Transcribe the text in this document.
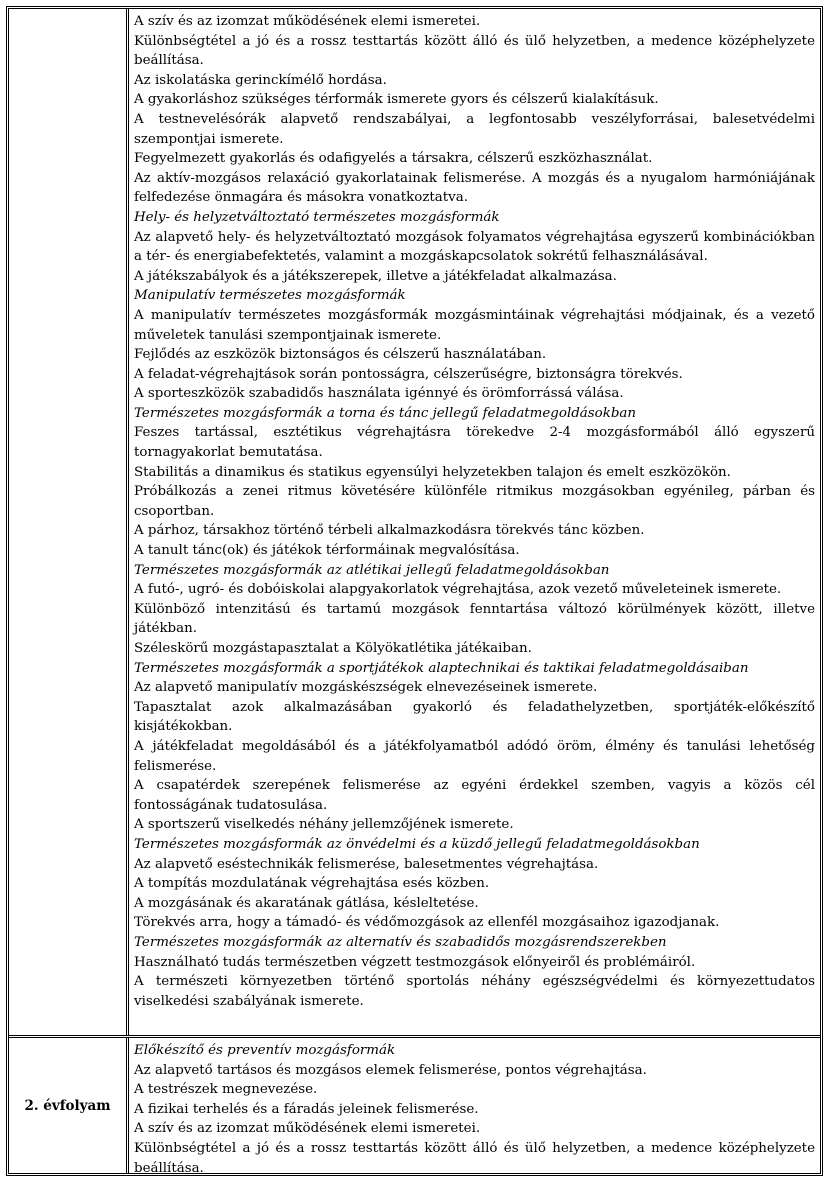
A szív és az izomzat működésének elemi ismeretei.

Különbségtétel a jó és a rossz testtartás között álló és ülő helyzetben, a medence középhelyzete beállítása.

Az iskolatáska gerinckímélő hordása.

A gyakorláshoz szükséges térformák ismerete gyors és célszerű kialakításuk.

A testnevelésórák alapvető rendszabályai, a legfontosabb veszélyforrásai, balesetvédelmi szempontjai ismerete.

Fegyelmezett gyakorlás és odafigyelés a társakra, célszerű eszközhasználat.

Az aktív-mozgásos relaxáció gyakorlatainak felismerése. A mozgás és a nyugalom harmóniájának felfedezése önmagára és másokra vonatkoztatva.

Hely- és helyzetváltoztató természetes mozgásformák

Az alapvető hely- és helyzetváltoztató mozgások folyamatos végrehajtása egyszerű kombinációkban a tér- és energiabefektetés, valamint a mozgáskapcsolatok sokrétű felhasználásával.

A játékszabályok és a játékszerepek, illetve a játékfeladat alkalmazása.

Manipulatív természetes mozgásformák

A manipulatív természetes mozgásformák mozgásmintáinak végrehajtási módjainak, és a vezető műveletek tanulási szempontjainak ismerete.

Fejlődés az eszközök biztonságos és célszerű használatában.

A feladat-végrehajtások során pontosságra, célszerűségre, biztonságra törekvés.

A sporteszközök szabadidős használata igénnyé és örömforrássá válása.

Természetes mozgásformák a torna és tánc jellegű feladatmegoldásokban

Feszes tartással, esztétikus végrehajtásra törekedve 2-4 mozgásformából álló egyszerű tornagyakorlat bemutatása.

Stabilitás a dinamikus és statikus egyensúlyi helyzetekben talajon és emelt eszközökön.

Próbálkozás a zenei ritmus követésére különféle ritmikus mozgásokban egyénileg, párban és csoportban.

A párhoz, társakhoz történő térbeli alkalmazkodásra törekvés tánc közben.

A tanult tánc(ok) és játékok térformáinak megvalósítása.

Természetes mozgásformák az atlétikai jellegű feladatmegoldásokban

A futó-, ugró- és dobóiskolai alapgyakorlatok végrehajtása, azok vezető műveleteinek ismerete.

Különböző intenzitású és tartamú mozgások fenntartása változó körülmények között, illetve játékban.

Széleskörű mozgástapasztalat a Kölyökatlétika játékaiban.

Természetes mozgásformák a sportjátékok alaptechnikai és taktikai feladatmegoldásaiban

Az alapvető manipulatív mozgáskészségek elnevezéseinek ismerete.

Tapasztalat azok alkalmazásában gyakorló és feladathelyzetben, sportjáték-előkészítő kisjátékokban.

A játékfeladat megoldásából és a játékfolyamatból adódó öröm, élmény és tanulási lehetőség felismerése.

A csapatérdek szerepének felismerése az egyéni érdekkel szemben, vagyis a közös cél fontosságának tudatosulása.

A sportszerű viselkedés néhány jellemzőjének ismerete.

Természetes mozgásformák az önvédelmi és a küzdő jellegű feladatmegoldásokban

Az alapvető eséstechnikák felismerése, balesetmentes végrehajtása.

A tompítás mozdulatának végrehajtása esés közben.

A mozgásának és akaratának gátlása, késleltetése.

Törekvés arra, hogy a támadó- és védőmozgások az ellenfél mozgásaihoz igazodjanak.

Természetes mozgásformák az alternatív és szabadidős mozgásrendszerekben

Használható tudás természetben végzett testmozgások előnyeiről és problémáiról.

A természeti környezetben történő sportolás néhány egészségvédelmi és környezettudatos viselkedési szabályának ismerete.

2. évfolyam

Előkészítő és preventív mozgásformák

Az alapvető tartásos és mozgásos elemek felismerése, pontos végrehajtása.

A testrészek megnevezése.

A fizikai terhelés és a fáradás jeleinek felismerése.

A szív és az izomzat működésének elemi ismeretei.

Különbségtétel a jó és a rossz testtartás között álló és ülő helyzetben, a medence középhelyzete beállítása.
